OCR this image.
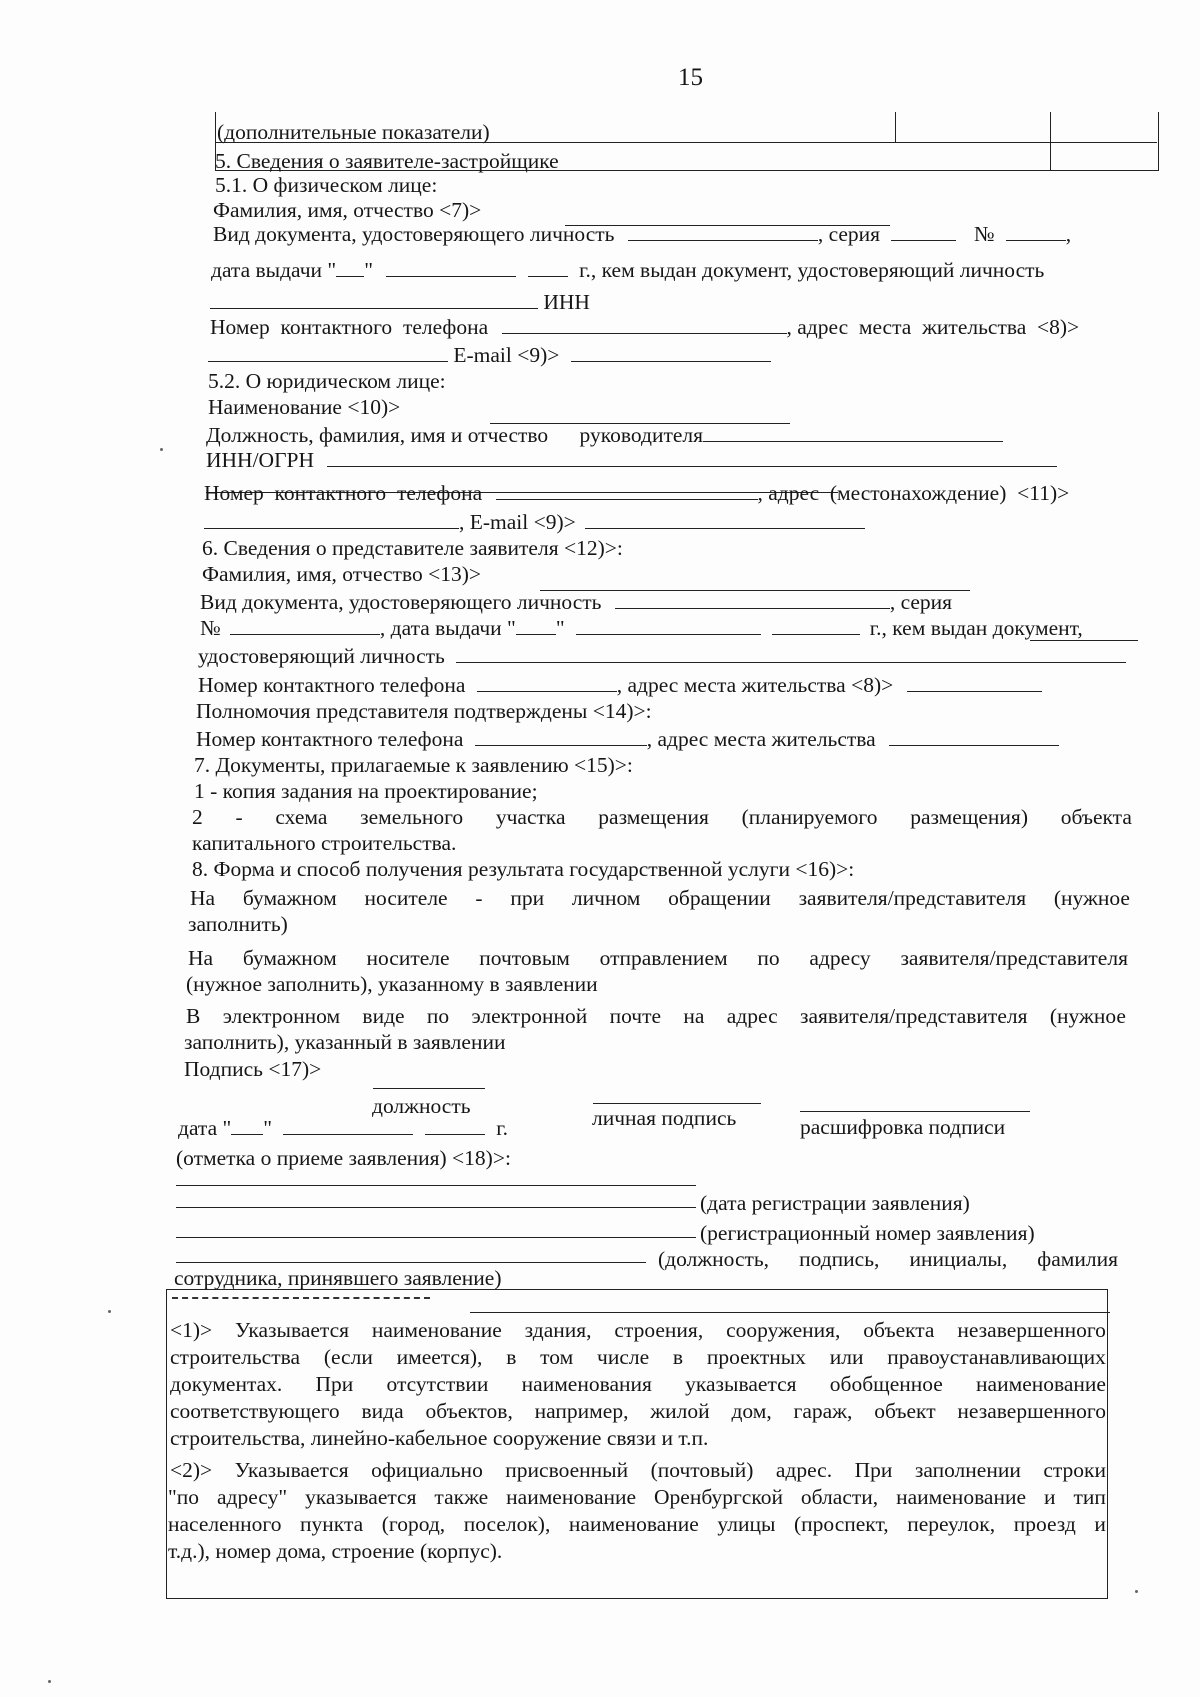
15
(дополнительные показатели)
5. Сведения о заявителе-застройщике
5.1. О физическом лице:
Фамилия, имя, отчество <7)>
Вид документа, удостоверяющего личность	, серия	№	,
дата выдачи " "	г., кем выдан документ, удостоверяющий личность
ИНН
Номер контактного телефона	, адрес места жительства <8)>
E-mail <9)>
5.2. О юридическом лице:
Наименование <10)>
Должность, фамилия, имя и отчество руководителя
ИНН/ОГРН
Номер контактного телефона	, адрес (местонахождение) <11)>
, E-mail <9)>
6. Сведения о представителе заявителя <12)>:
Фамилия, имя, отчество <13)>
Вид документа, удостоверяющего личность	, серия
№	, дата выдачи " "	г., кем выдан документ,
удостоверяющий личность
Номер контактного телефона	, адрес места жительства <8)>
Полномочия представителя подтверждены <14)>:
Номер контактного телефона	, адрес места жительства
7. Документы, прилагаемые к заявлению <15)>:
1 - копия задания на проектирование;
2 - схема земельного участка размещения (планируемого размещения) объекта
капитального строительства.
8. Форма и способ получения результата государственной услуги <16)>:
На бумажном носителе - при личном обращении заявителя/представителя (нужное
заполнить)
На бумажном носителе почтовым отправлением по адресу заявителя/представителя
(нужное заполнить), указанному в заявлении
В электронном виде по электронной почте на адрес заявителя/представителя (нужное
заполнить), указанный в заявлении
Подпись <17)>
должность	личная подпись	расшифровка подписи
дата " "	г.
(отметка о приеме заявления) <18)>:
(дата регистрации заявления)
(регистрационный номер заявления)
(должность, подпись, инициалы, фамилия
сотрудника, принявшего заявление)
<1)> Указывается наименование здания, строения, сооружения, объекта незавершенного
строительства (если имеется), в том числе в проектных или правоустанавливающих
документах. При отсутствии наименования указывается обобщенное наименование
соответствующего вида объектов, например, жилой дом, гараж, объект незавершенного
строительства, линейно-кабельное сооружение связи и т.п.
<2)> Указывается официально присвоенный (почтовый) адрес. При заполнении строки
"по адресу" указывается также наименование Оренбургской области, наименование и тип
населенного пункта (город, поселок), наименование улицы (проспект, переулок, проезд и
т.д.), номер дома, строение (корпус).
